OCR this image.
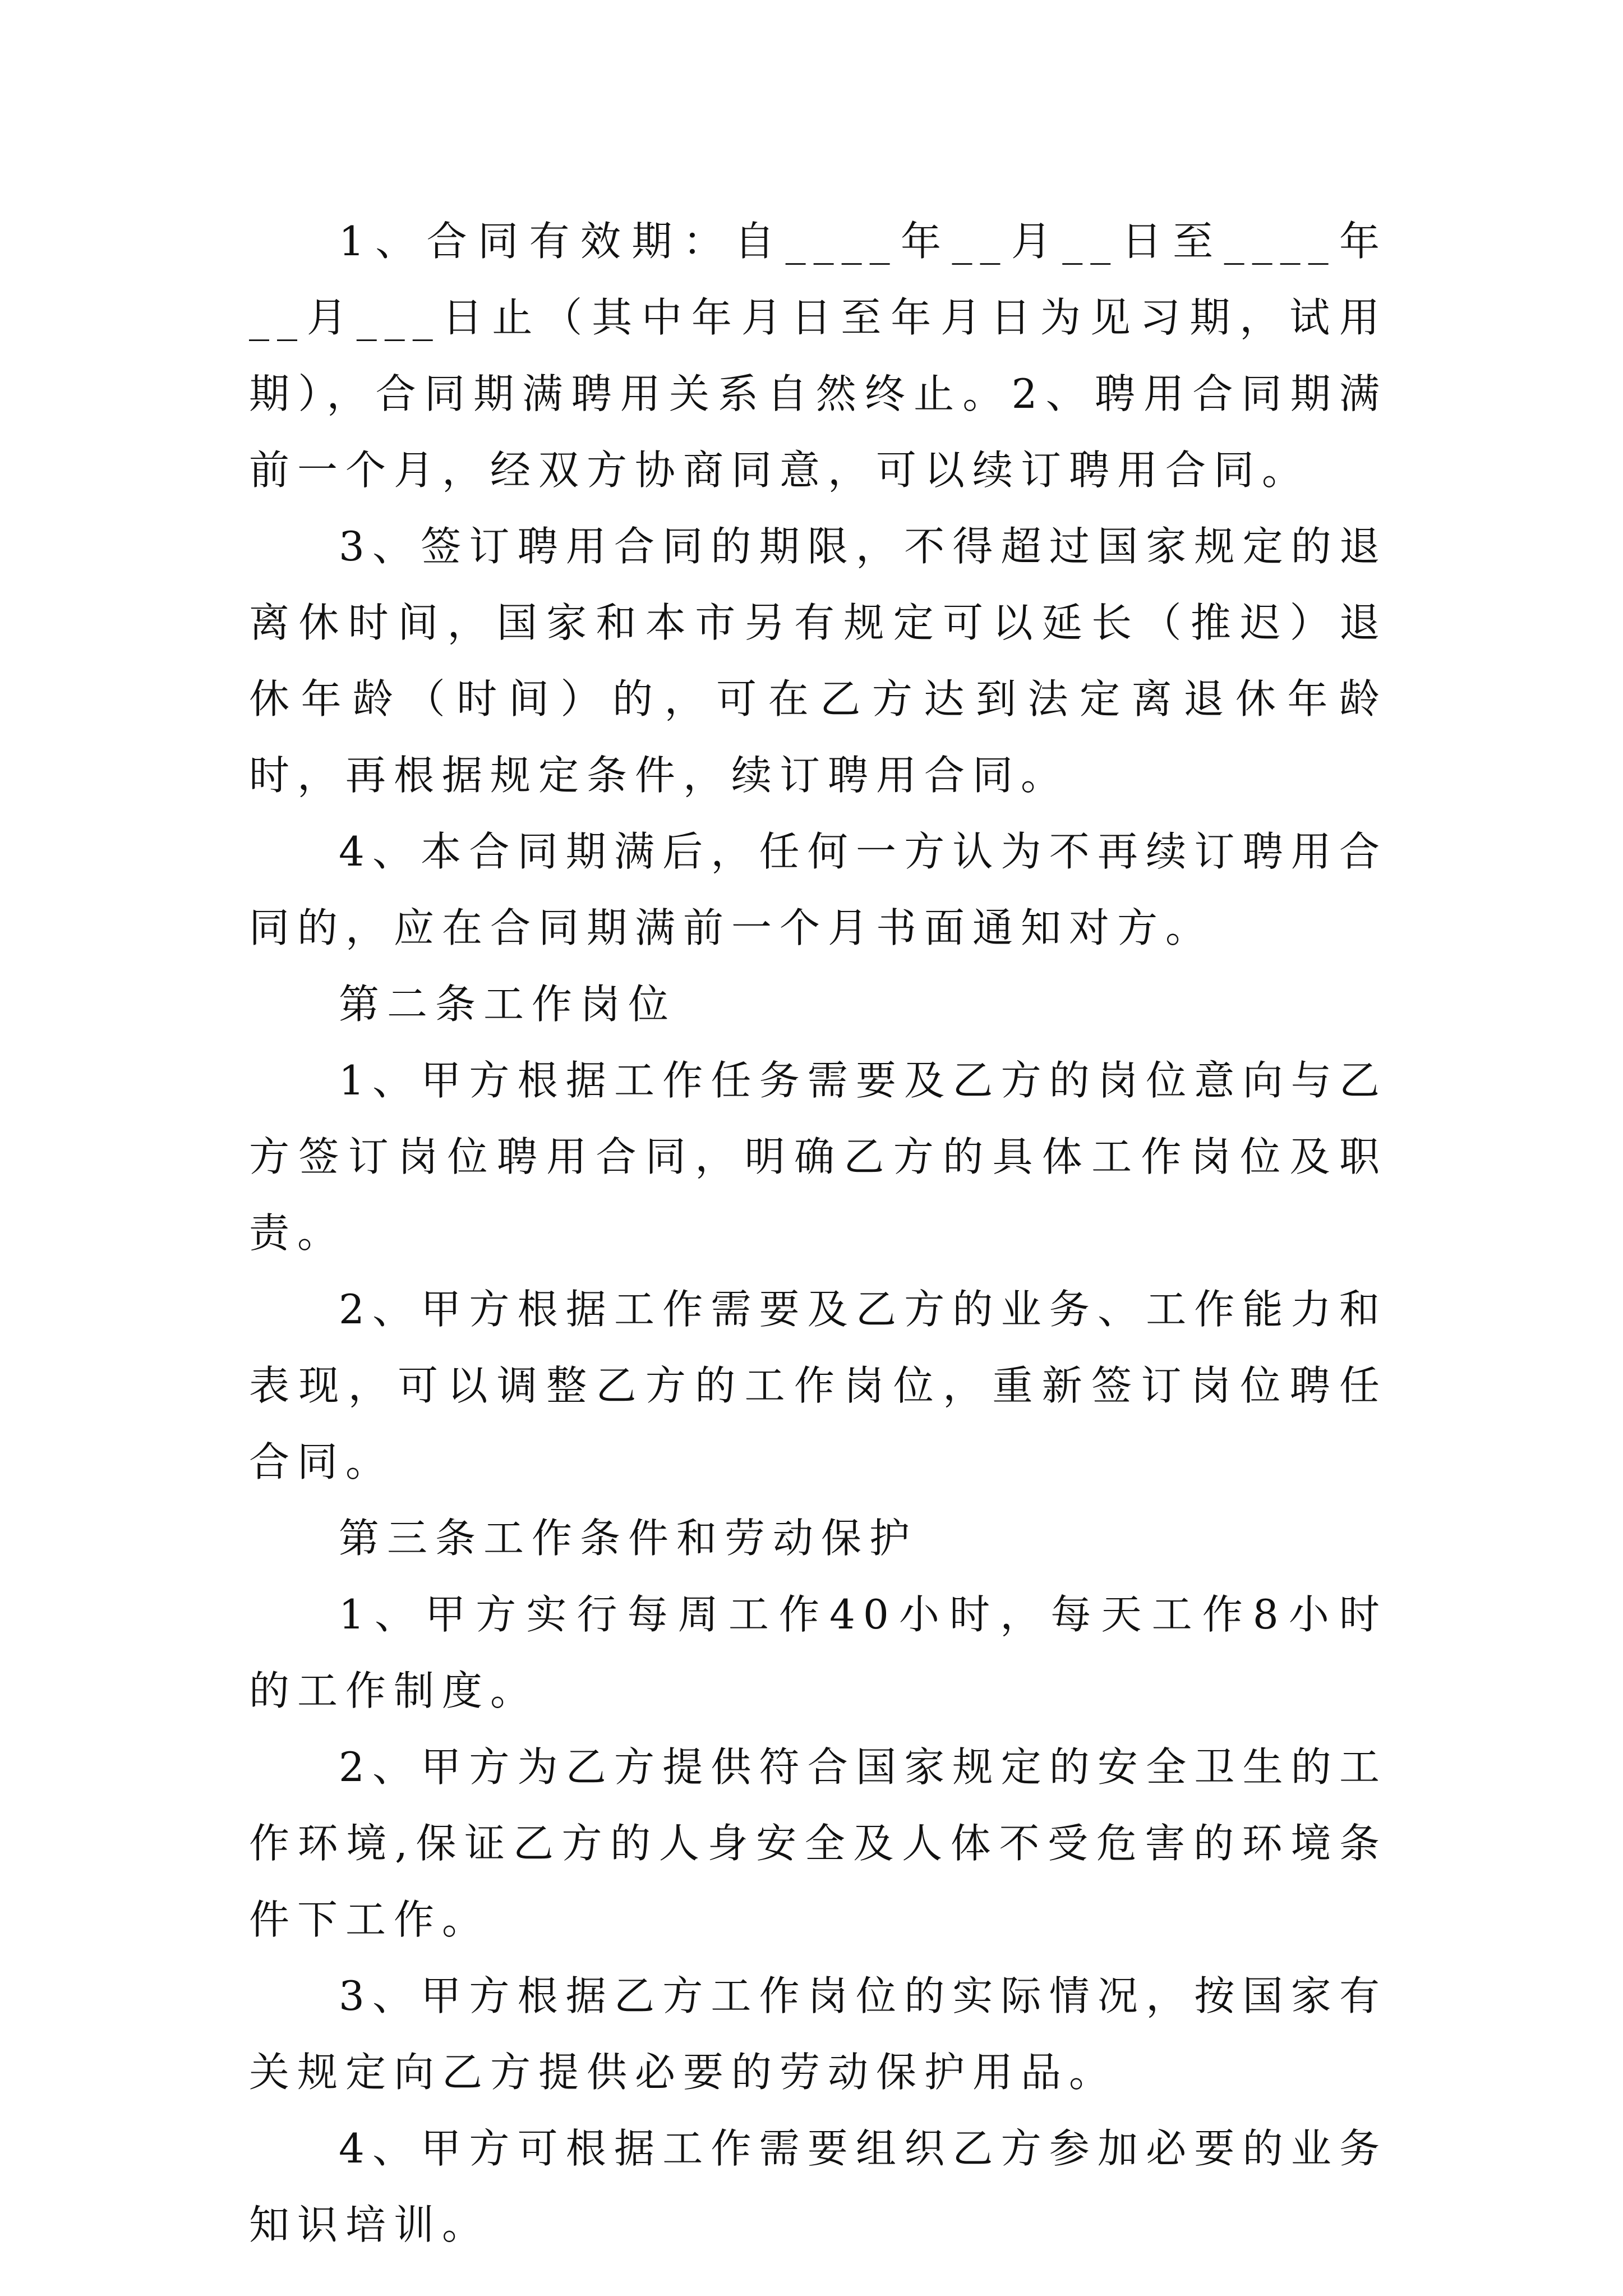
1、合同有效期：自____年__月__日至____年__月___日止（其中年月日至年月日为见习期，试用期），合同期满聘用关系自然终止。2、聘用合同期满前一个月，经双方协商同意，可以续订聘用合同。

3、签订聘用合同的期限，不得超过国家规定的退离休时间，国家和本市另有规定可以延长（推迟）退休年龄（时间）的，可在乙方达到法定离退休年龄时，再根据规定条件，续订聘用合同。

4、本合同期满后，任何一方认为不再续订聘用合同的，应在合同期满前一个月书面通知对方。

第二条工作岗位

1、甲方根据工作任务需要及乙方的岗位意向与乙方签订岗位聘用合同，明确乙方的具体工作岗位及职责。

2、甲方根据工作需要及乙方的业务、工作能力和表现，可以调整乙方的工作岗位，重新签订岗位聘任合同。

第三条工作条件和劳动保护

1、甲方实行每周工作40小时，每天工作8小时的工作制度。

2、甲方为乙方提供符合国家规定的安全卫生的工作环境,保证乙方的人身安全及人体不受危害的环境条件下工作。

3、甲方根据乙方工作岗位的实际情况，按国家有关规定向乙方提供必要的劳动保护用品。

4、甲方可根据工作需要组织乙方参加必要的业务知识培训。
